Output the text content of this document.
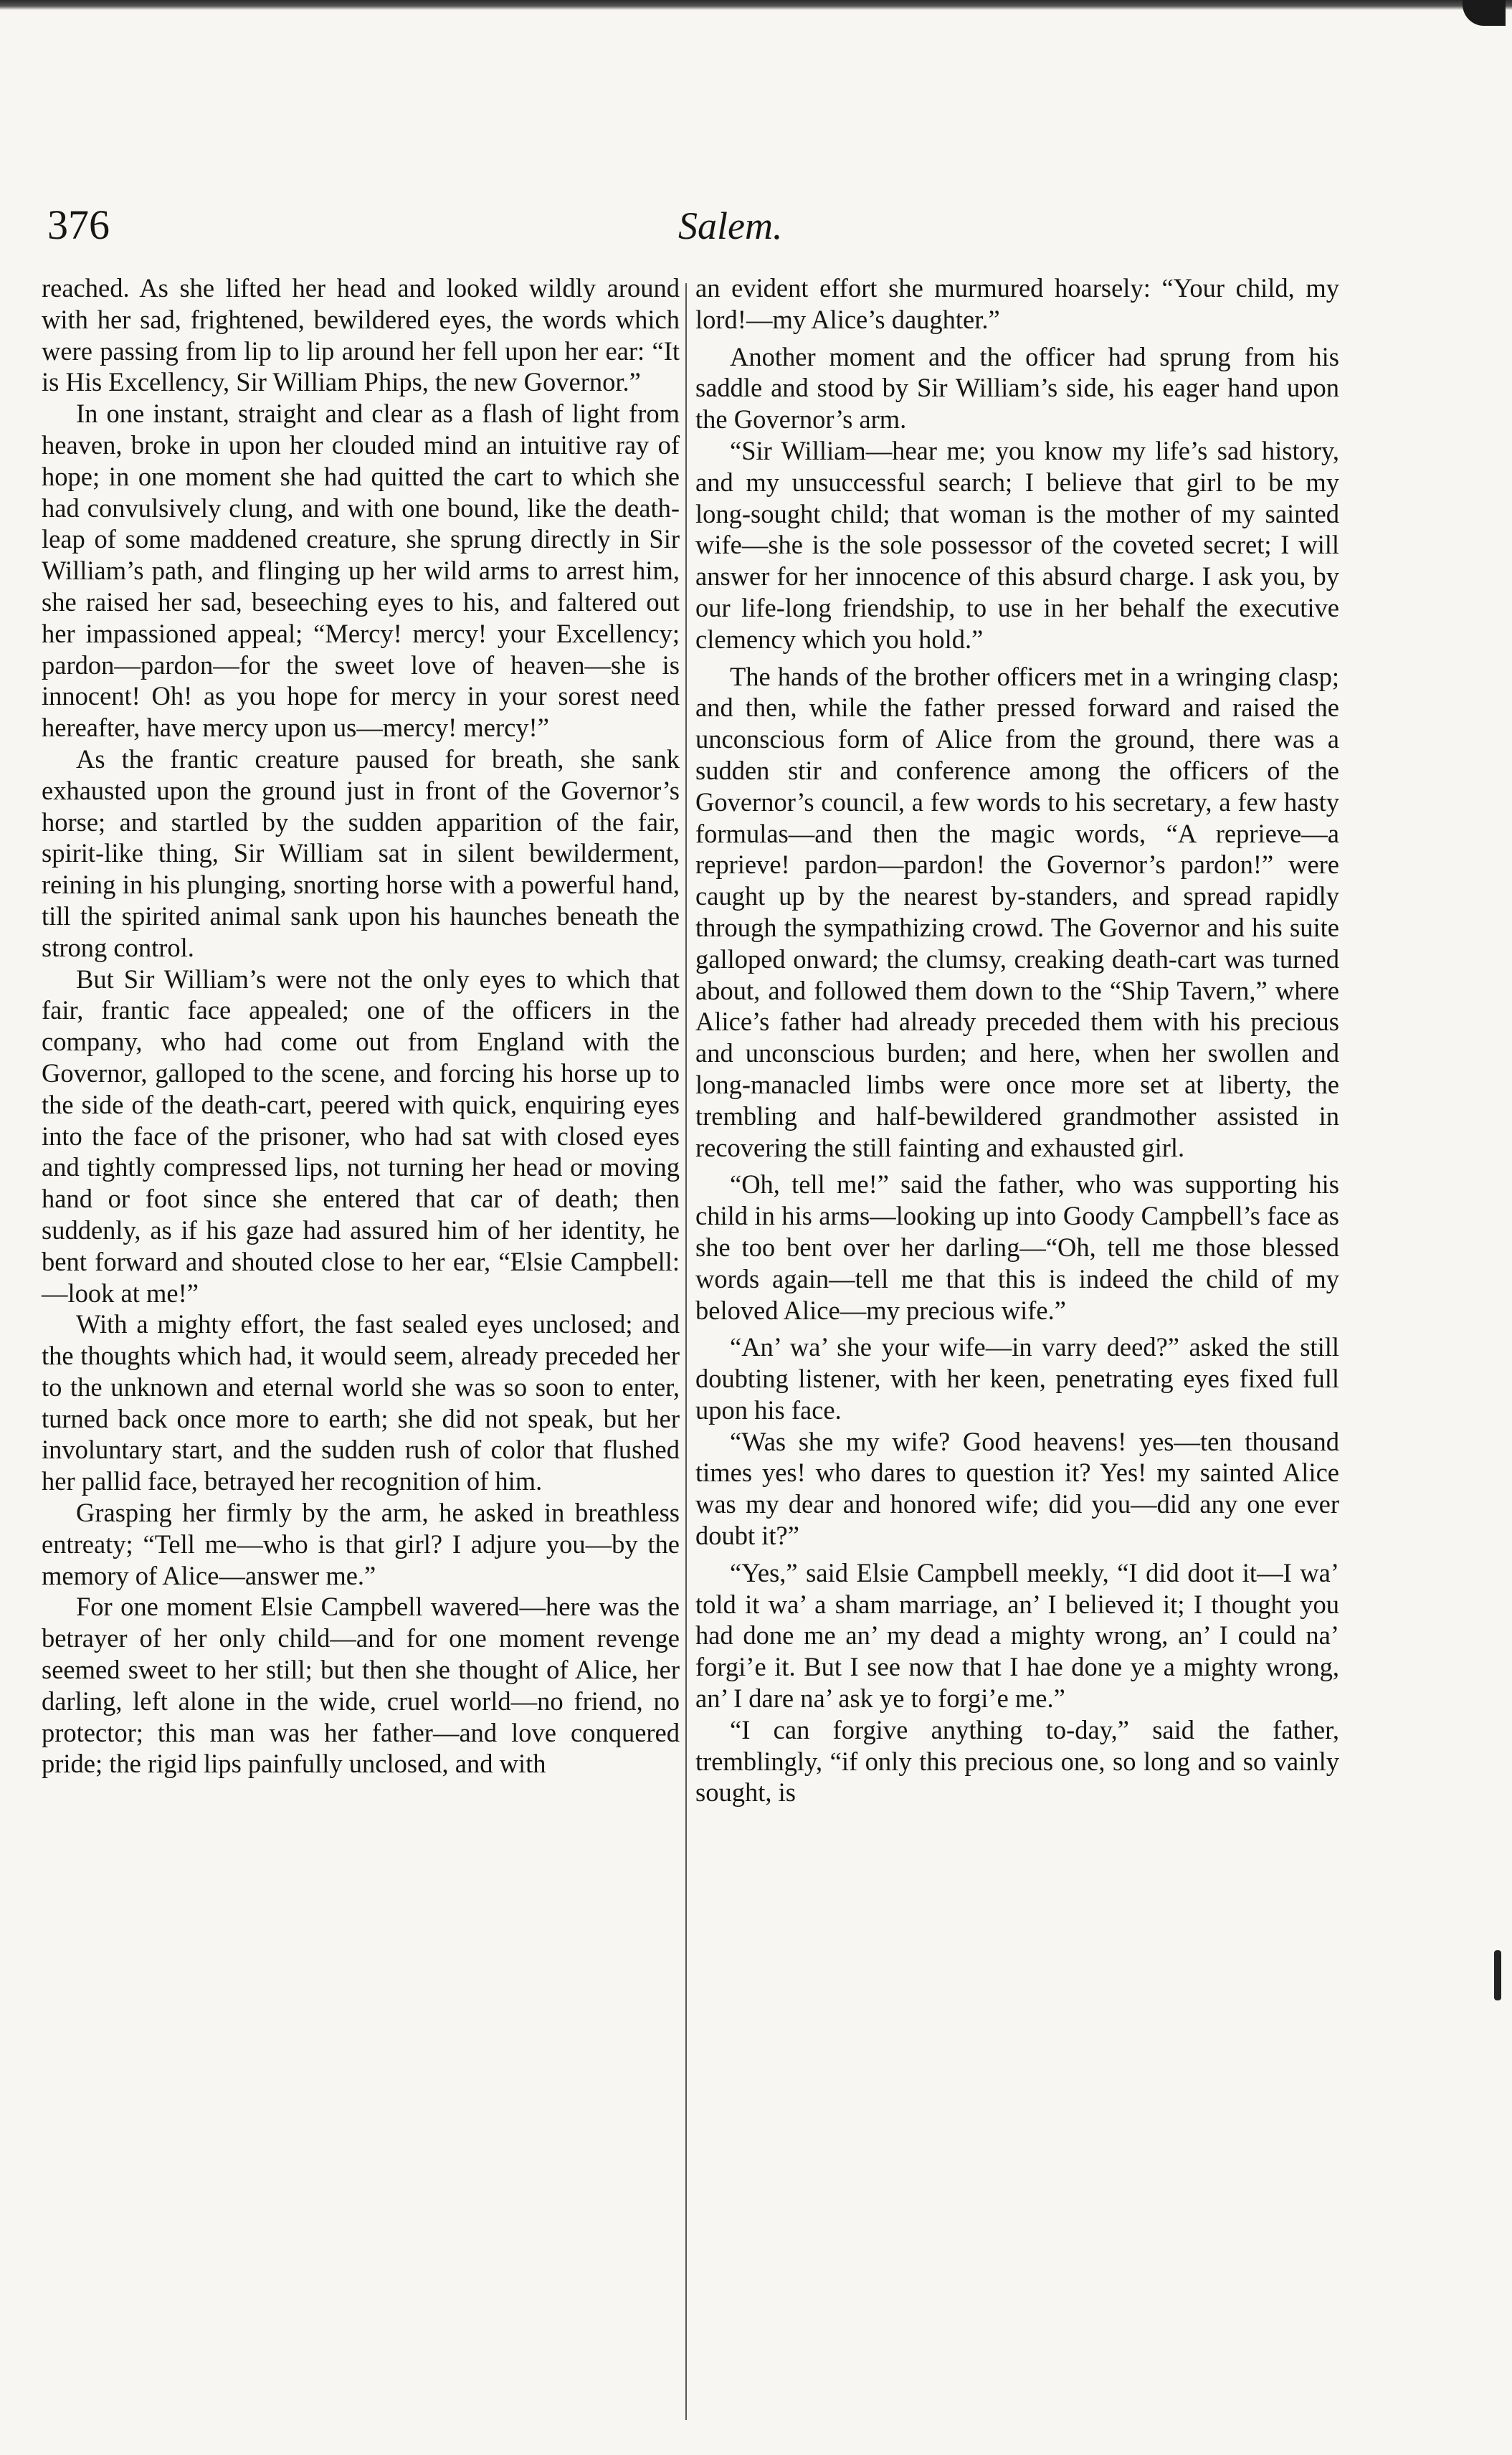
376	Salem.

reached. As she lifted her head and looked wildly around with her sad, frightened, bewildered eyes, the words which were passing from lip to lip around her fell upon her ear: “It is His Excellency, Sir William Phips, the new Governor.”

In one instant, straight and clear as a flash of light from heaven, broke in upon her clouded mind an intuitive ray of hope; in one moment she had quitted the cart to which she had convulsively clung, and with one bound, like the death-leap of some maddened creature, she sprung directly in Sir William’s path, and flinging up her wild arms to arrest him, she raised her sad, beseeching eyes to his, and faltered out her impassioned appeal; “Mercy! mercy! your Excellency; pardon—pardon—for the sweet love of heaven—she is innocent! Oh! as you hope for mercy in your sorest need hereafter, have mercy upon us—mercy! mercy!”

As the frantic creature paused for breath, she sank exhausted upon the ground just in front of the Governor’s horse; and startled by the sudden apparition of the fair, spirit-like thing, Sir William sat in silent bewilderment, reining in his plunging, snorting horse with a powerful hand, till the spirited animal sank upon his haunches beneath the strong control.

But Sir William’s were not the only eyes to which that fair, frantic face appealed; one of the officers in the company, who had come out from England with the Governor, galloped to the scene, and forcing his horse up to the side of the death-cart, peered with quick, enquiring eyes into the face of the prisoner, who had sat with closed eyes and tightly compressed lips, not turning her head or moving hand or foot since she entered that car of death; then suddenly, as if his gaze had assured him of her identity, he bent forward and shouted close to her ear, “Elsie Campbell:—look at me!”

With a mighty effort, the fast sealed eyes unclosed; and the thoughts which had, it would seem, already preceded her to the unknown and eternal world she was so soon to enter, turned back once more to earth; she did not speak, but her involuntary start, and the sudden rush of color that flushed her pallid face, betrayed her recognition of him.

Grasping her firmly by the arm, he asked in breathless entreaty; “Tell me—who is that girl? I adjure you—by the memory of Alice—answer me.”

For one moment Elsie Campbell wavered—here was the betrayer of her only child—and for one moment revenge seemed sweet to her still; but then she thought of Alice, her darling, left alone in the wide, cruel world—no friend, no protector; this man was her father—and love conquered pride; the rigid lips painfully unclosed, and with

an evident effort she murmured hoarsely: “Your child, my lord!—my Alice’s daughter.”

Another moment and the officer had sprung from his saddle and stood by Sir William’s side, his eager hand upon the Governor’s arm.

“Sir William—hear me; you know my life’s sad history, and my unsuccessful search; I believe that girl to be my long-sought child; that woman is the mother of my sainted wife—she is the sole possessor of the coveted secret; I will answer for her innocence of this absurd charge. I ask you, by our life-long friendship, to use in her behalf the executive clemency which you hold.”

The hands of the brother officers met in a wringing clasp; and then, while the father pressed forward and raised the unconscious form of Alice from the ground, there was a sudden stir and conference among the officers of the Governor’s council, a few words to his secretary, a few hasty formulas—and then the magic words, “A reprieve—a reprieve! pardon—pardon! the Governor’s pardon!” were caught up by the nearest by-standers, and spread rapidly through the sympathizing crowd. The Governor and his suite galloped onward; the clumsy, creaking death-cart was turned about, and followed them down to the “Ship Tavern,” where Alice’s father had already preceded them with his precious and unconscious burden; and here, when her swollen and long-manacled limbs were once more set at liberty, the trembling and half-bewildered grandmother assisted in recovering the still fainting and exhausted girl.

“Oh, tell me!” said the father, who was supporting his child in his arms—looking up into Goody Campbell’s face as she too bent over her darling—“Oh, tell me those blessed words again—tell me that this is indeed the child of my beloved Alice—my precious wife.”

“An’ wa’ she your wife—in varry deed?” asked the still doubting listener, with her keen, penetrating eyes fixed full upon his face.

“Was she my wife? Good heavens! yes—ten thousand times yes! who dares to question it? Yes! my sainted Alice was my dear and honored wife; did you—did any one ever doubt it?”

“Yes,” said Elsie Campbell meekly, “I did doot it—I wa’ told it wa’ a sham marriage, an’ I believed it; I thought you had done me an’ my dead a mighty wrong, an’ I could na’ forgi’e it. But I see now that I hae done ye a mighty wrong, an’ I dare na’ ask ye to forgi’e me.”

“I can forgive anything to-day,” said the father, tremblingly, “if only this precious one, so long and so vainly sought, is
